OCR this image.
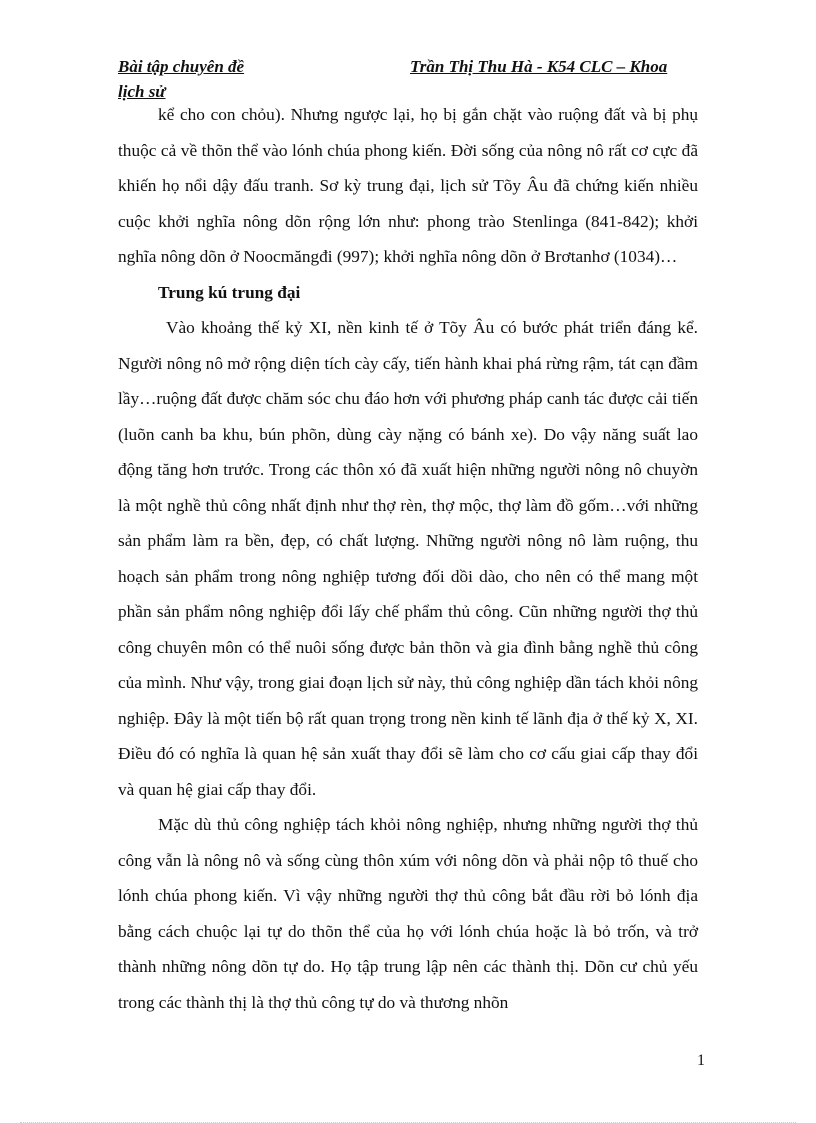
Bài tập chuyên đề
lịch sử
Trần Thị Thu Hà - K54 CLC – Khoa

kể cho con chỏu). Nhưng ngược lại, họ bị gắn chặt vào ruộng đất và bị phụ thuộc cả về thõn thể vào lónh chúa phong kiến. Đời sống của nông nô rất cơ cực đã khiến họ nổi dậy đấu tranh. Sơ kỳ trung đại, lịch sử Tõy Âu đã chứng kiến nhiều cuộc khởi nghĩa nông dõn rộng lớn như: phong trào Stenlinga (841-842); khởi nghĩa nông dõn ở Noocmăngđi (997); khởi nghĩa nông dõn ở Brơtanhơ (1034)…

Trung kú trung đại

Vào khoảng thế kỷ XI, nền kinh tế ở Tõy Âu có bước phát triển đáng kể. Người nông nô mở rộng diện tích cày cấy, tiến hành khai phá rừng rậm, tát cạn đầm lầy…ruộng đất được chăm sóc chu đáo hơn với phương pháp canh tác được cải tiến (luõn canh ba khu, bún phõn, dùng cày nặng có bánh xe). Do vậy năng suất lao động tăng hơn trước. Trong các thôn xó đã xuất hiện những người nông nô chuyờn là một nghề thủ công nhất định như thợ rèn, thợ mộc, thợ làm đồ gốm…với những sản phẩm làm ra bền, đẹp, có chất lượng. Những người nông nô làm ruộng, thu hoạch sản phẩm trong nông nghiệp tương đối dồi dào, cho nên có thể mang một phần sản phẩm nông nghiệp đổi lấy chế phẩm thủ công. Cũn những người thợ thủ công chuyên môn có thể nuôi sống được bản thõn và gia đình bằng nghề thủ công của mình. Như vậy, trong giai đoạn lịch sử này, thủ công nghiệp dần tách khỏi nông nghiệp. Đây là một tiến bộ rất quan trọng trong nền kinh tế lãnh địa ở thế kỷ X, XI. Điều đó có nghĩa là quan hệ sản xuất thay đổi sẽ làm cho cơ cấu giai cấp thay đổi và quan hệ giai cấp thay đổi.

Mặc dù thủ công nghiệp tách khỏi nông nghiệp, nhưng những người thợ thủ công vẫn là nông nô và sống cùng thôn xúm với nông dõn và phải nộp tô thuế cho lónh chúa phong kiến. Vì vậy những người thợ thủ công bắt đầu rời bỏ lónh địa bằng cách chuộc lại tự do thõn thể của họ với lónh chúa hoặc là bỏ trốn, và trở thành những nông dõn tự do. Họ tập trung lập nên các thành thị. Dõn cư chủ yếu trong các thành thị là thợ thủ công tự do và thương nhõn

1
